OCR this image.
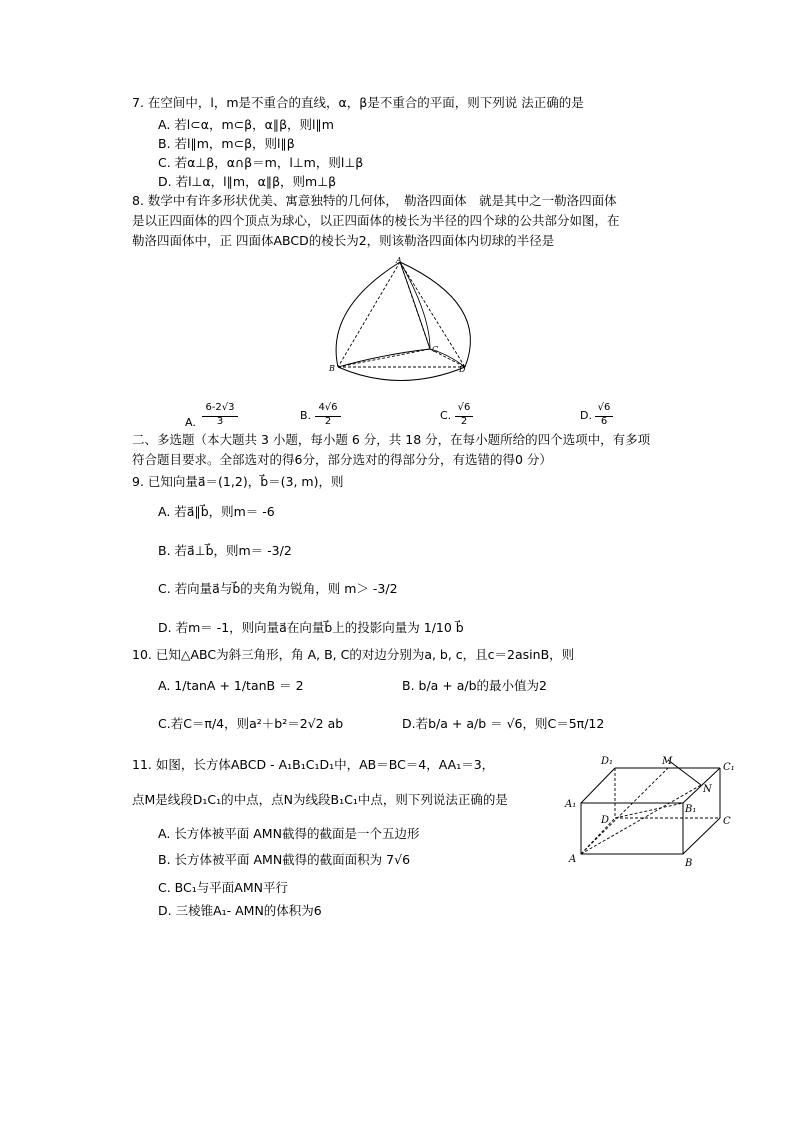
7. 在空间中，l，m是不重合的直线，α，β是不重合的平面，则下列说 法正确的是
A. 若l⊂α，m⊂β，α∥β，则l∥m
B. 若l∥m，m⊂β，则l∥β
C. 若α⊥β，α∩β＝m，l⊥m，则l⊥β
D. 若l⊥α，l∥m，α∥β，则m⊥β
8. 数学中有许多形状优美、寓意独特的几何体，　勒洛四面体　就是其中之一勒洛四面体
是以正四面体的四个顶点为球心，以正四面体的棱长为半径的四个球的公共部分如图，在
勒洛四面体中，正 四面体ABCD的棱长为2，则该勒洛四面体内切球的半径是
A
B
C
D
A.
6-2√3
3	B.
4√6
2	C.
√6
2	D.
√6
6
二、多选题（本大题共 3 小题，每小题 6 分，共 18 分，在每小题所给的四个选项中，有多项
符合题目要求。全部选对的得6分，部分选对的得部分分，有选错的得0 分）
9. 已知向量a⃗＝(1,2)，b⃗＝(3, m)，则
A. 若a⃗∥b⃗，则m＝ -6
B. 若a⃗⊥b⃗，则m＝ -3/2
C. 若向量a⃗与b⃗的夹角为锐角，则 m＞ -3/2
D. 若m＝ -1，则向量a⃗在向量b⃗上的投影向量为 1/10 b⃗
10. 已知△ABC为斜三角形，角 A, B, C的对边分别为a, b, c，且c＝2asinB，则
A. 1/tanA + 1/tanB ＝ 2	B. b/a + a/b的最小值为2
C.若C＝π/4，则a²＋b²＝2√2 ab	D.若b/a + a/b ＝ √6，则C＝5π/12
11. 如图，长方体ABCD - A₁B₁C₁D₁中，AB＝BC＝4，AA₁＝3，
点M是线段D₁C₁的中点，点N为线段B₁C₁中点，则下列说法正确的是
A. 长方体被平面 AMN截得的截面是一个五边形
B. 长方体被平面 AMN截得的截面面积为 7√6
C. BC₁与平面AMN平行
D. 三棱锥A₁- AMN的体积为6
D₁	M
C₁
N
A₁	B₁
D	C
A	B
